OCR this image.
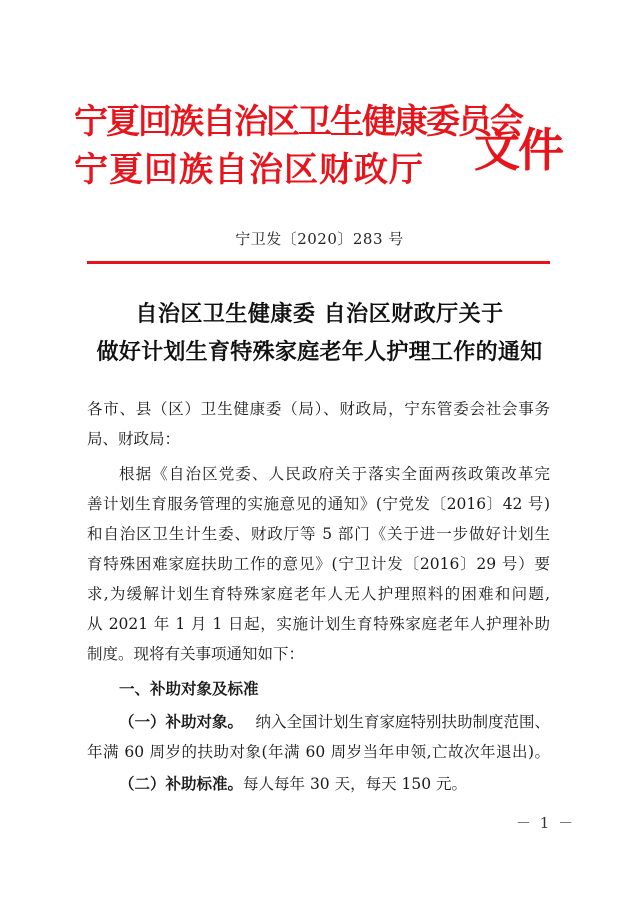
宁夏回族自治区卫生健康委员会
宁夏回族自治区财政厅 文件
宁卫发〔2020〕283 号
自治区卫生健康委 自治区财政厅关于
做好计划生育特殊家庭老年人护理工作的通知
各市、县（区）卫生健康委（局）、财政局，宁东管委会社会事务
局、财政局：
根据《自治区党委、人民政府关于落实全面两孩政策改革完
善计划生育服务管理的实施意见的通知》(宁党发〔2016〕42 号)
和自治区卫生计生委、财政厅等 5 部门《关于进一步做好计划生
育特殊困难家庭扶助工作的意见》(宁卫计发〔2016〕29 号）要
求,为缓解计划生育特殊家庭老年人无人护理照料的困难和问题,
从 2021 年 1 月 1 日起，实施计划生育特殊家庭老年人护理补助
制度。现将有关事项通知如下：
一、补助对象及标准
（一）补助对象。 纳入全国计划生育家庭特别扶助制度范围、
年满 60 周岁的扶助对象(年满 60 周岁当年申领,亡故次年退出)。
（二）补助标准。每人每年 30 天，每天 150 元。
－ 1 －
